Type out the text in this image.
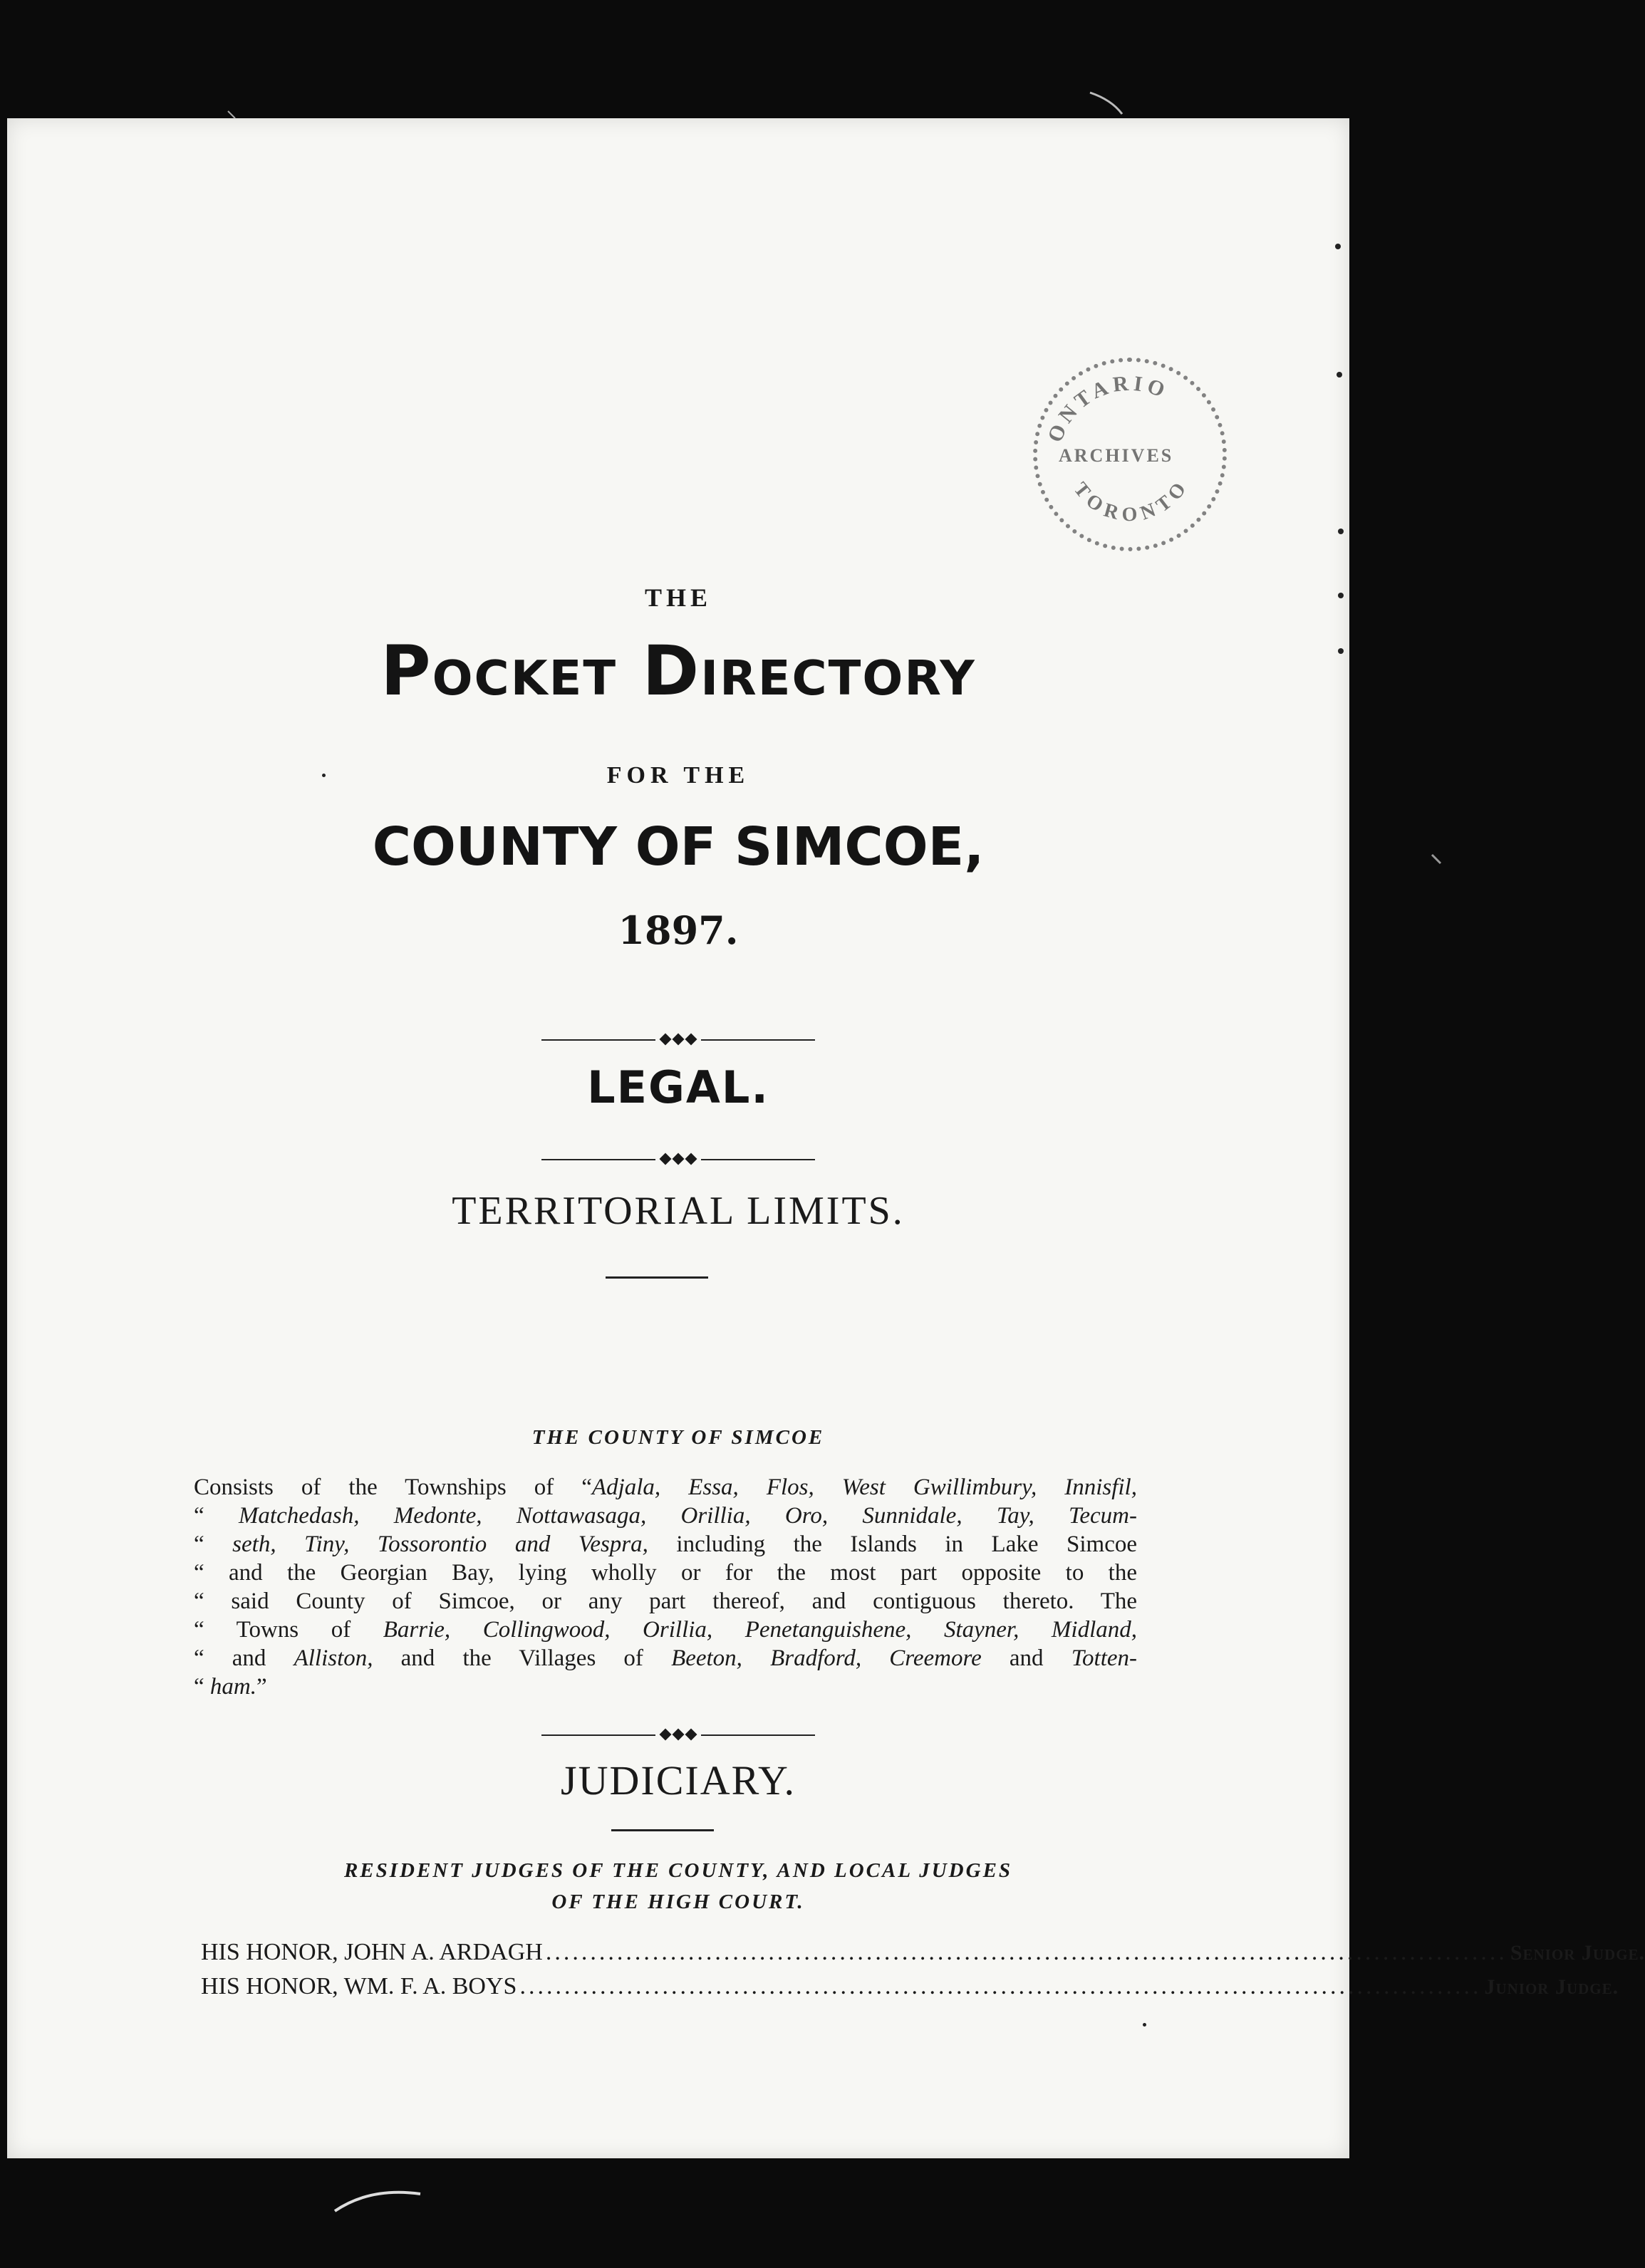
ONTARIO
ARCHIVES
TORONTO
THE
Pocket Directory
FOR THE
COUNTY OF SIMCOE,
1897.
LEGAL.
TERRITORIAL LIMITS.
THE COUNTY OF SIMCOE
Consists of the Townships of “Adjala, Essa, Flos, West Gwillimbury, Innisfil,
“ Matchedash, Medonte, Nottawasaga, Orillia, Oro, Sunnidale, Tay, Tecum-
“ seth, Tiny, Tossorontio and Vespra, including the Islands in Lake Simcoe
“ and the Georgian Bay, lying wholly or for the most part opposite to the
“ said County of Simcoe, or any part thereof, and contiguous thereto. The
“ Towns of Barrie, Collingwood, Orillia, Penetanguishene, Stayner, Midland,
“ and Alliston, and the Villages of Beeton, Bradford, Creemore and Totten-
“ ham.”
JUDICIARY.
RESIDENT JUDGES OF THE COUNTY, AND LOCAL JUDGES
OF THE HIGH COURT.
HIS HONOR, JOHN A. ARDAGH ............................................................................................................ Senior Judge.
HIS HONOR, WM. F. A. BOYS ............................................................................................................ Junior Judge.
